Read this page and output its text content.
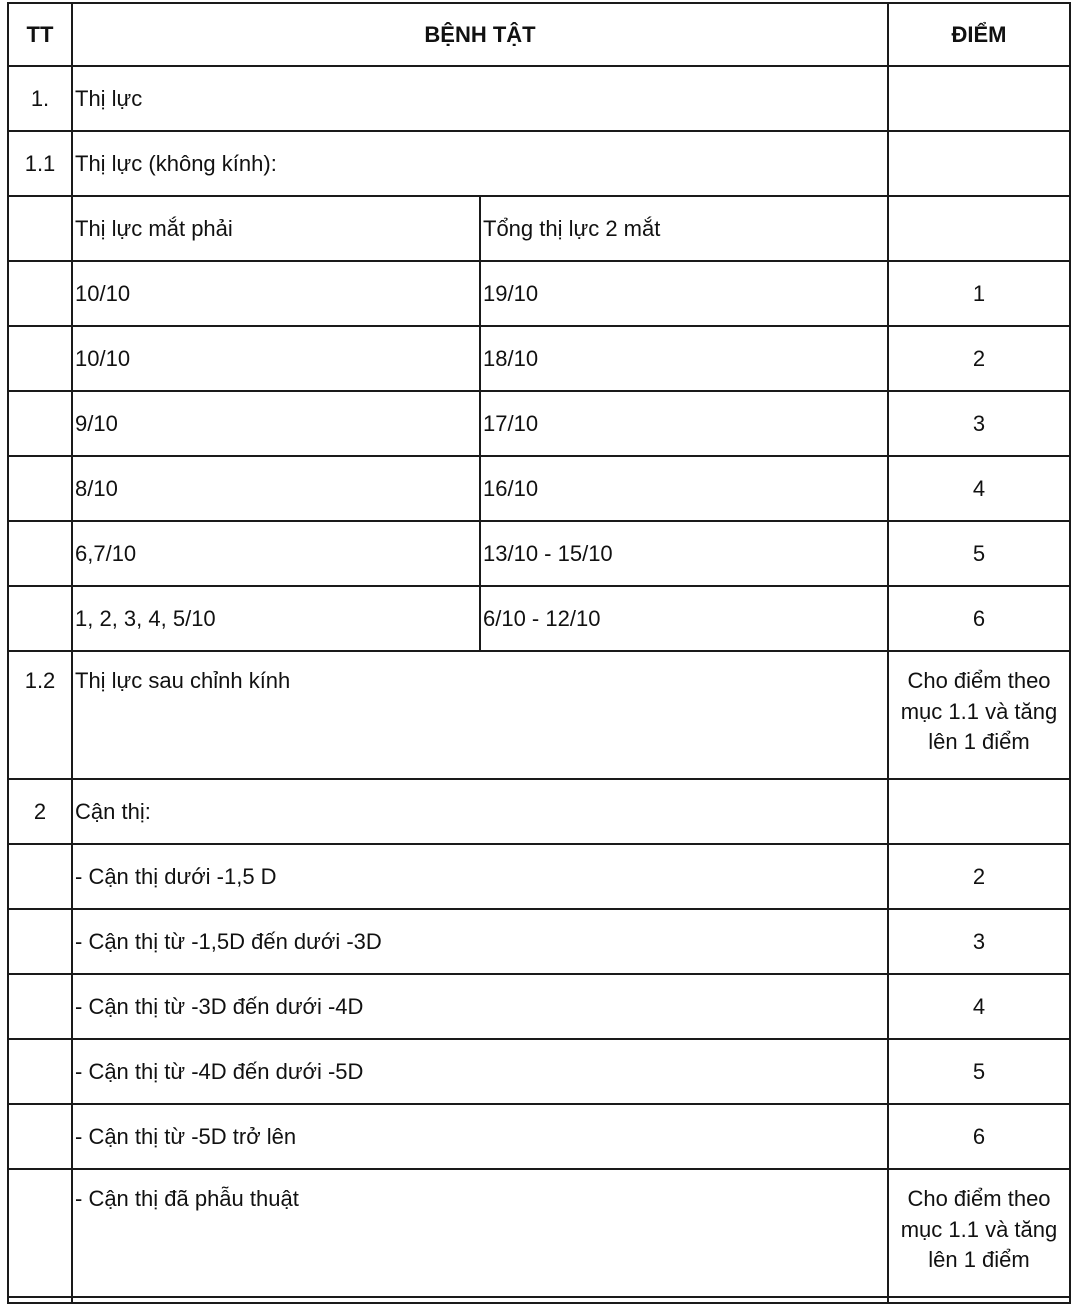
TT	BỆNH TẬT		ĐIỂM
1.	Thị lực		
1.1	Thị lực (không kính):		
	Thị lực mắt phải	Tổng thị lực 2 mắt	
	10/10	19/10	1
	10/10	18/10	2
	9/10	17/10	3
	8/10	16/10	4
	6,7/10	13/10 - 15/10	5
	1, 2, 3, 4, 5/10	6/10 - 12/10	6
1.2	Thị lực sau chỉnh kính		Cho điểm theo
mục 1.1 và tăng
lên 1 điểm

2	Cận thị:		
	- Cận thị dưới -1,5 D		2
	- Cận thị từ -1,5D đến dưới -3D		3
	- Cận thị từ -3D đến dưới -4D		4
	- Cận thị từ -4D đến dưới -5D		5
	- Cận thị từ -5D trở lên		6
	- Cận thị đã phẫu thuật		Cho điểm theo
mục 1.1 và tăng
lên 1 điểm
